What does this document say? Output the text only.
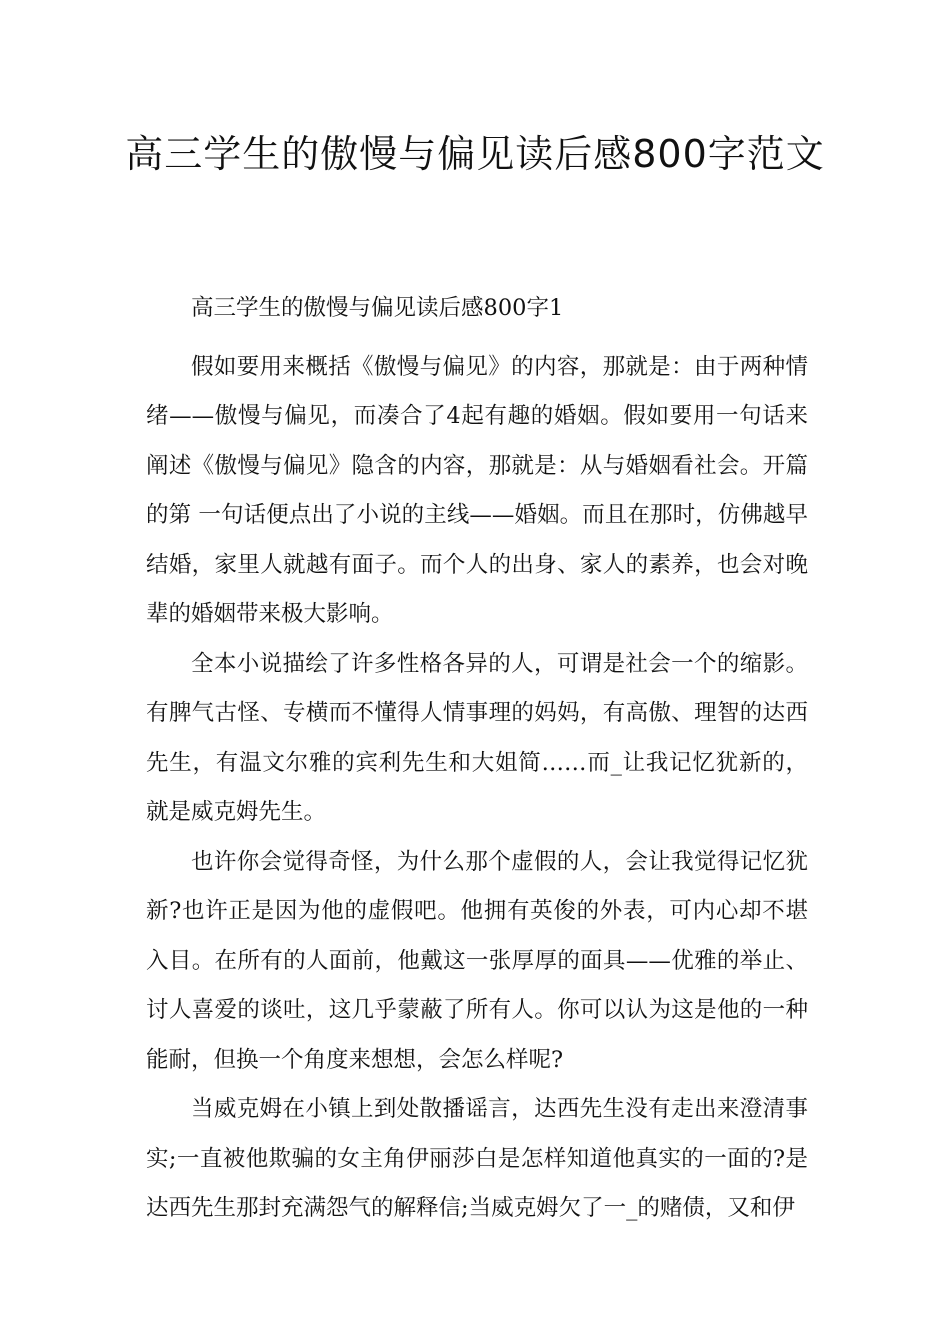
高三学生的傲慢与偏见读后感800字范文

高三学生的傲慢与偏见读后感800字1

假如要用来概括《傲慢与偏见》的内容，那就是：由于两种情绪——傲慢与偏见，而凑合了4起有趣的婚姻。假如要用一句话来阐述《傲慢与偏见》隐含的内容，那就是：从与婚姻看社会。开篇的第 一句话便点出了小说的主线——婚姻。而且在那时，仿佛越早结婚，家里人就越有面子。而个人的出身、家人的素养，也会对晚辈的婚姻带来极大影响。

全本小说描绘了许多性格各异的人，可谓是社会一个的缩影。有脾气古怪、专横而不懂得人情事理的妈妈，有高傲、理智的达西先生，有温文尔雅的宾利先生和大姐简……而_让我记忆犹新的，就是威克姆先生。

也许你会觉得奇怪，为什么那个虚假的人，会让我觉得记忆犹新?也许正是因为他的虚假吧。他拥有英俊的外表，可内心却不堪入目。在所有的人面前，他戴这一张厚厚的面具——优雅的举止、讨人喜爱的谈吐，这几乎蒙蔽了所有人。你可以认为这是他的一种能耐，但换一个角度来想想，会怎么样呢?

当威克姆在小镇上到处散播谣言，达西先生没有走出来澄清事实;一直被他欺骗的女主角伊丽莎白是怎样知道他真实的一面的?是达西先生那封充满怨气的解释信;当威克姆欠了一_的赌债，又和伊
